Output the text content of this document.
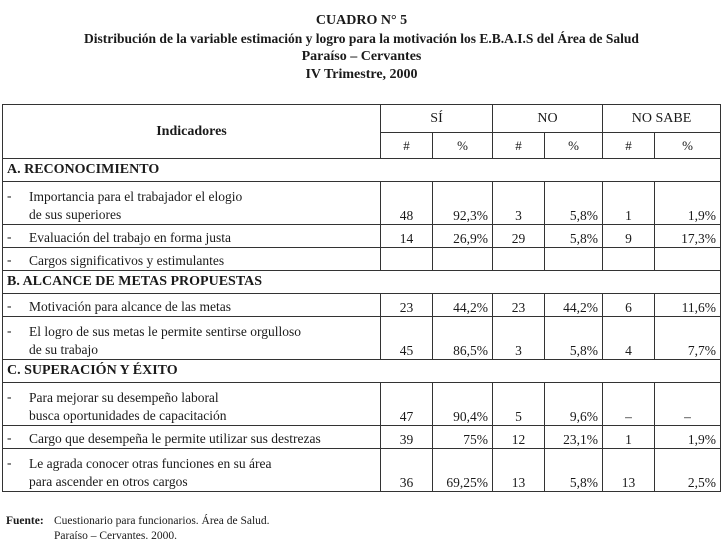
CUADRO N° 5
Distribución de la variable estimación y logro para la motivación los E.B.A.I.S del Área de Salud
Paraíso – Cervantes
IV Trimestre, 2000
Indicadores	SÍ		NO		NO SABE	
	#	%	#	%	#	%
A. RECONOCIMIENTO						

- Importancia para el trabajador el elogio
de sus superiores	48	92,3%	3	5,8%	1	1,9%

- Evaluación del trabajo en forma justa	14	26,9%	29	5,8%	9	17,3%

- Cargos significativos y estimulantes						

B. ALCANCE DE METAS PROPUESTAS						

- Motivación para alcance de las metas	23	44,2%	23	44,2%	6	11,6%

- El logro de sus metas le permite sentirse orgulloso
de su trabajo	45	86,5%	3	5,8%	4	7,7%
C. SUPERACIÓN Y ÉXITO						

- Para mejorar su desempeño laboral
busca oportunidades de capacitación	47	90,4%	5	9,6%	–	–

- Cargo que desempeña le permite utilizar sus destrezas	39	75%	12	23,1%	1	1,9%

- Le agrada conocer otras funciones en su área
para ascender en otros cargos	36	69,25%	13	5,8%	13	2,5%
Fuente: Cuestionario para funcionarios. Área de Salud.
Paraíso – Cervantes. 2000.
